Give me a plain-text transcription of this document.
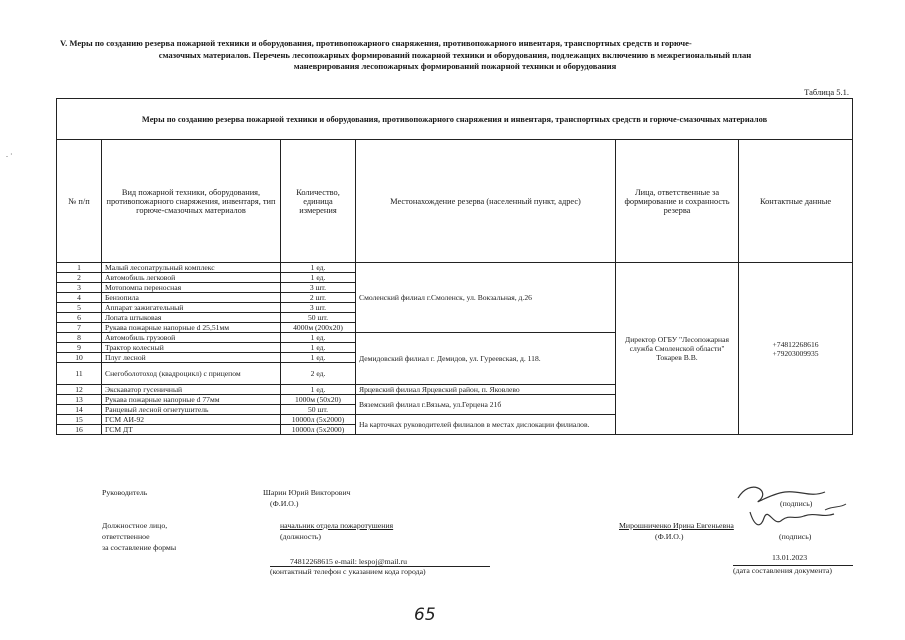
. ·
V. Меры по созданию резерва пожарной техники и оборудования, противопожарного снаряжения, противопожарного инвентаря, транспортных средств и горюче-
смазочных материалов. Перечень лесопожарных формирований пожарной техники и оборудования, подлежащих включению в межрегиональный план
маневрирования лесопожарных формирований пожарной техники и оборудования
Таблица 5.1.
Меры по созданию резерва пожарной техники и оборудования, противопожарного снаряжения и инвентаря, транспортных средств и горюче-смазочных материалов					
№ п/п	Вид пожарной техники, оборудования, противопожарного снаряжения, инвентаря, тип горюче-смазочных материалов	Количество, единица измерения	Местонахождение резерва (населенный пункт, адрес)	Лица, ответственные за формирование и сохранность резерва	Контактные данные
1	Малый лесопатрульный комплекс	1 ед.	Смоленский филиал г.Смоленск, ул. Вокзальная, д.26	Директор ОГБУ "Лесопожарная служба Смоленской области" Токарев В.В.	+74812268616 +79203009935
2	Автомобиль легковой	1 ед.			
3	Мотопомпа переносная	3 шт.			
4	Бензопила	2 шт.			
5	Аппарат зажигательный	3 шт.			
6	Лопата штыковая	50 шт.			
7	Рукава пожарные напорные d 25,51мм	4000м (200x20)			
8	Автомобиль грузовой	1 ед.	Демидовский филиал г. Демидов, ул. Гуреевская, д. 118.		
9	Трактор колесный	1 ед.			
10	Плуг лесной	1 ед.			
11	Снегоболотоход (квадроцикл) с прицепом	2 ед.			
12	Экскаватор гусеничный	1 ед.	Ярцевский филиал Ярцевский район, п. Яковлево		
13	Рукава пожарные напорные d 77мм	1000м (50x20)	Вяземский филиал г.Вязьма, ул.Герцена 21б		
14	Ранцевый лесной огнетушитель	50 шт.			
15	ГСМ АИ-92	10000л (5x2000)	На карточках руководителей филиалов в местах дислокации филиалов.		
16	ГСМ ДТ	10000л (5x2000)			
Руководитель	Шарин Юрий Викторович
(Ф.И.О.)
Должностное лицо,
ответственное
за составление формы
начальник отдела пожаротушения
(должность)
74812268615 e-mail: lespoj@mail.ru
(контактный телефон с указанием кода города)
Мирошниченко Ирина Евгеньевна
(Ф.И.О.)
(подпись)
(подпись)
13.01.2023
(дата составления документа)
65
